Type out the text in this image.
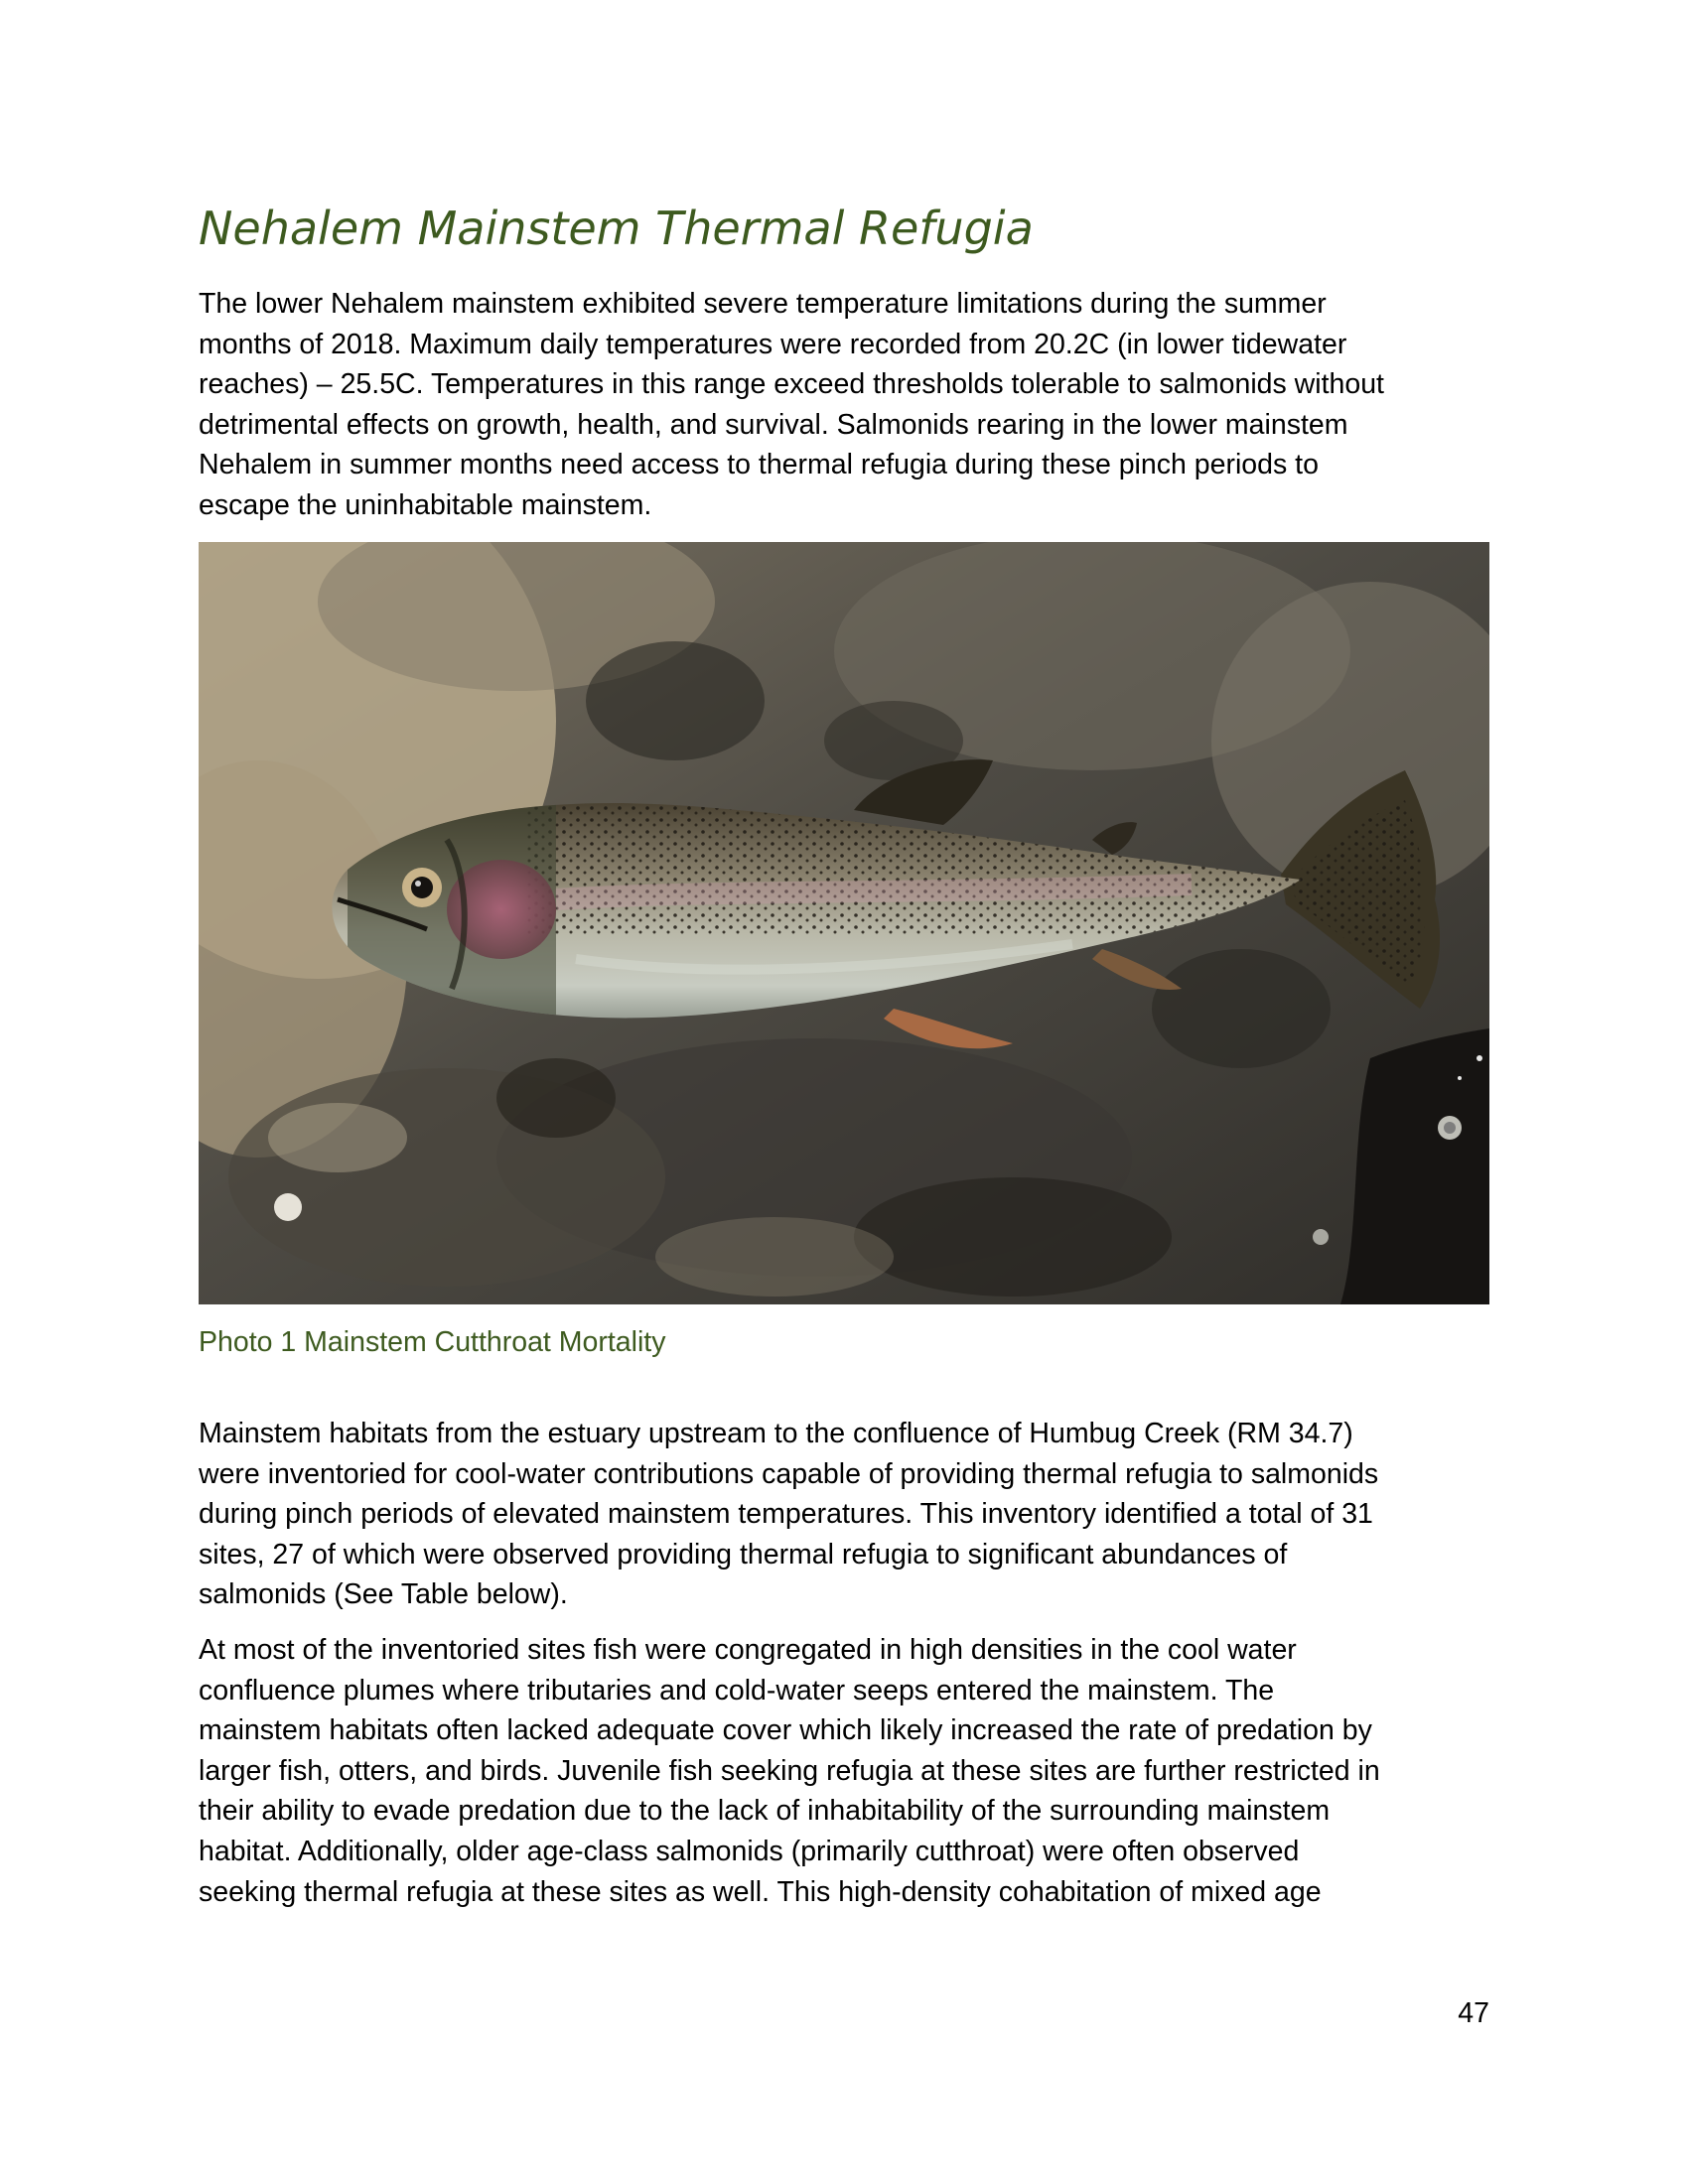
Nehalem Mainstem Thermal Refugia

The lower Nehalem mainstem exhibited severe temperature limitations during the summer
months of 2018. Maximum daily temperatures were recorded from 20.2C (in lower tidewater
reaches) – 25.5C. Temperatures in this range exceed thresholds tolerable to salmonids without
detrimental effects on growth, health, and survival. Salmonids rearing in the lower mainstem
Nehalem in summer months need access to thermal refugia during these pinch periods to
escape the uninhabitable mainstem.

Photo 1 Mainstem Cutthroat Mortality

Mainstem habitats from the estuary upstream to the confluence of Humbug Creek (RM 34.7)
were inventoried for cool-water contributions capable of providing thermal refugia to salmonids
during pinch periods of elevated mainstem temperatures. This inventory identified a total of 31
sites, 27 of which were observed providing thermal refugia to significant abundances of
salmonids (See Table below).

At most of the inventoried sites fish were congregated in high densities in the cool water
confluence plumes where tributaries and cold-water seeps entered the mainstem. The
mainstem habitats often lacked adequate cover which likely increased the rate of predation by
larger fish, otters, and birds. Juvenile fish seeking refugia at these sites are further restricted in
their ability to evade predation due to the lack of inhabitability of the surrounding mainstem
habitat. Additionally, older age-class salmonids (primarily cutthroat) were often observed
seeking thermal refugia at these sites as well. This high-density cohabitation of mixed age

47
